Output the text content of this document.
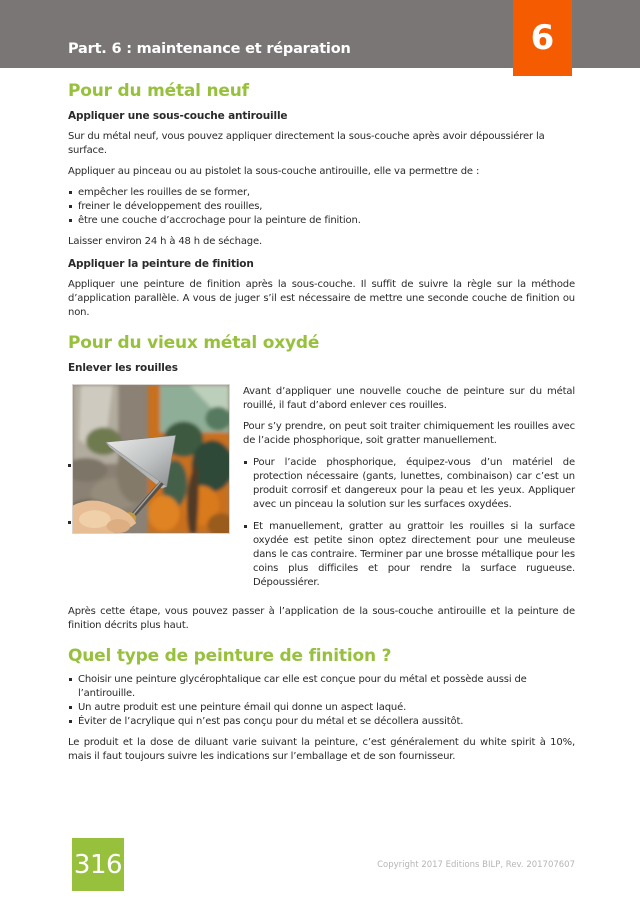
Part. 6 : maintenance et réparation	6
Pour du métal neuf
Appliquer une sous-couche antirouille

Sur du métal neuf, vous pouvez appliquer directement la sous-couche après avoir dépoussiérer la surface.

Appliquer au pinceau ou au pistolet la sous-couche antirouille, elle va permettre de :

empêcher les rouilles de se former,
freiner le développement des rouilles,
être une couche d’accrochage pour la peinture de finition.

Laisser environ 24 h à 48 h de séchage.

Appliquer la peinture de finition

Appliquer une peinture de finition après la sous-couche. Il suffit de suivre la règle sur la méthode d’application parallèle. A vous de juger s’il est nécessaire de mettre une seconde couche de finition ou non.

Pour du vieux métal oxydé
Enlever les rouilles

Avant d’appliquer une nouvelle couche de peinture sur du métal rouillé, il faut d’abord enlever ces rouilles.

Pour s’y prendre, on peut soit traiter chimiquement les rouilles avec de l’acide phosphorique, soit gratter manuellement.

Pour l’acide phosphorique, équipez-vous d’un matériel de protection nécessaire (gants, lunettes, combinaison) car c’est un produit corrosif et dangereux pour la peau et les yeux. Appliquer avec un pinceau la solution sur les surfaces oxydées.
Et manuellement, gratter au grattoir les rouilles si la surface oxydée est petite sinon optez directement pour une meuleuse dans le cas contraire. Terminer par une brosse métallique pour les coins plus difficiles et pour rendre la surface rugueuse. Dépoussiérer.

Après cette étape, vous pouvez passer à l’application de la sous-couche antirouille et la peinture de finition décrits plus haut.

Quel type de peinture de finition ?
Choisir une peinture glycérophtalique car elle est conçue pour du métal et possède aussi de l’antirouille.
Un autre produit est une peinture émail qui donne un aspect laqué.
Éviter de l’acrylique qui n’est pas conçu pour du métal et se décollera aussitôt.

Le produit et la dose de diluant varie suivant la peinture, c’est généralement du white spirit à 10%, mais il faut toujours suivre les indications sur l’emballage et de son fournisseur.

316	Copyright 2017 Editions BILP, Rev. 201707607
